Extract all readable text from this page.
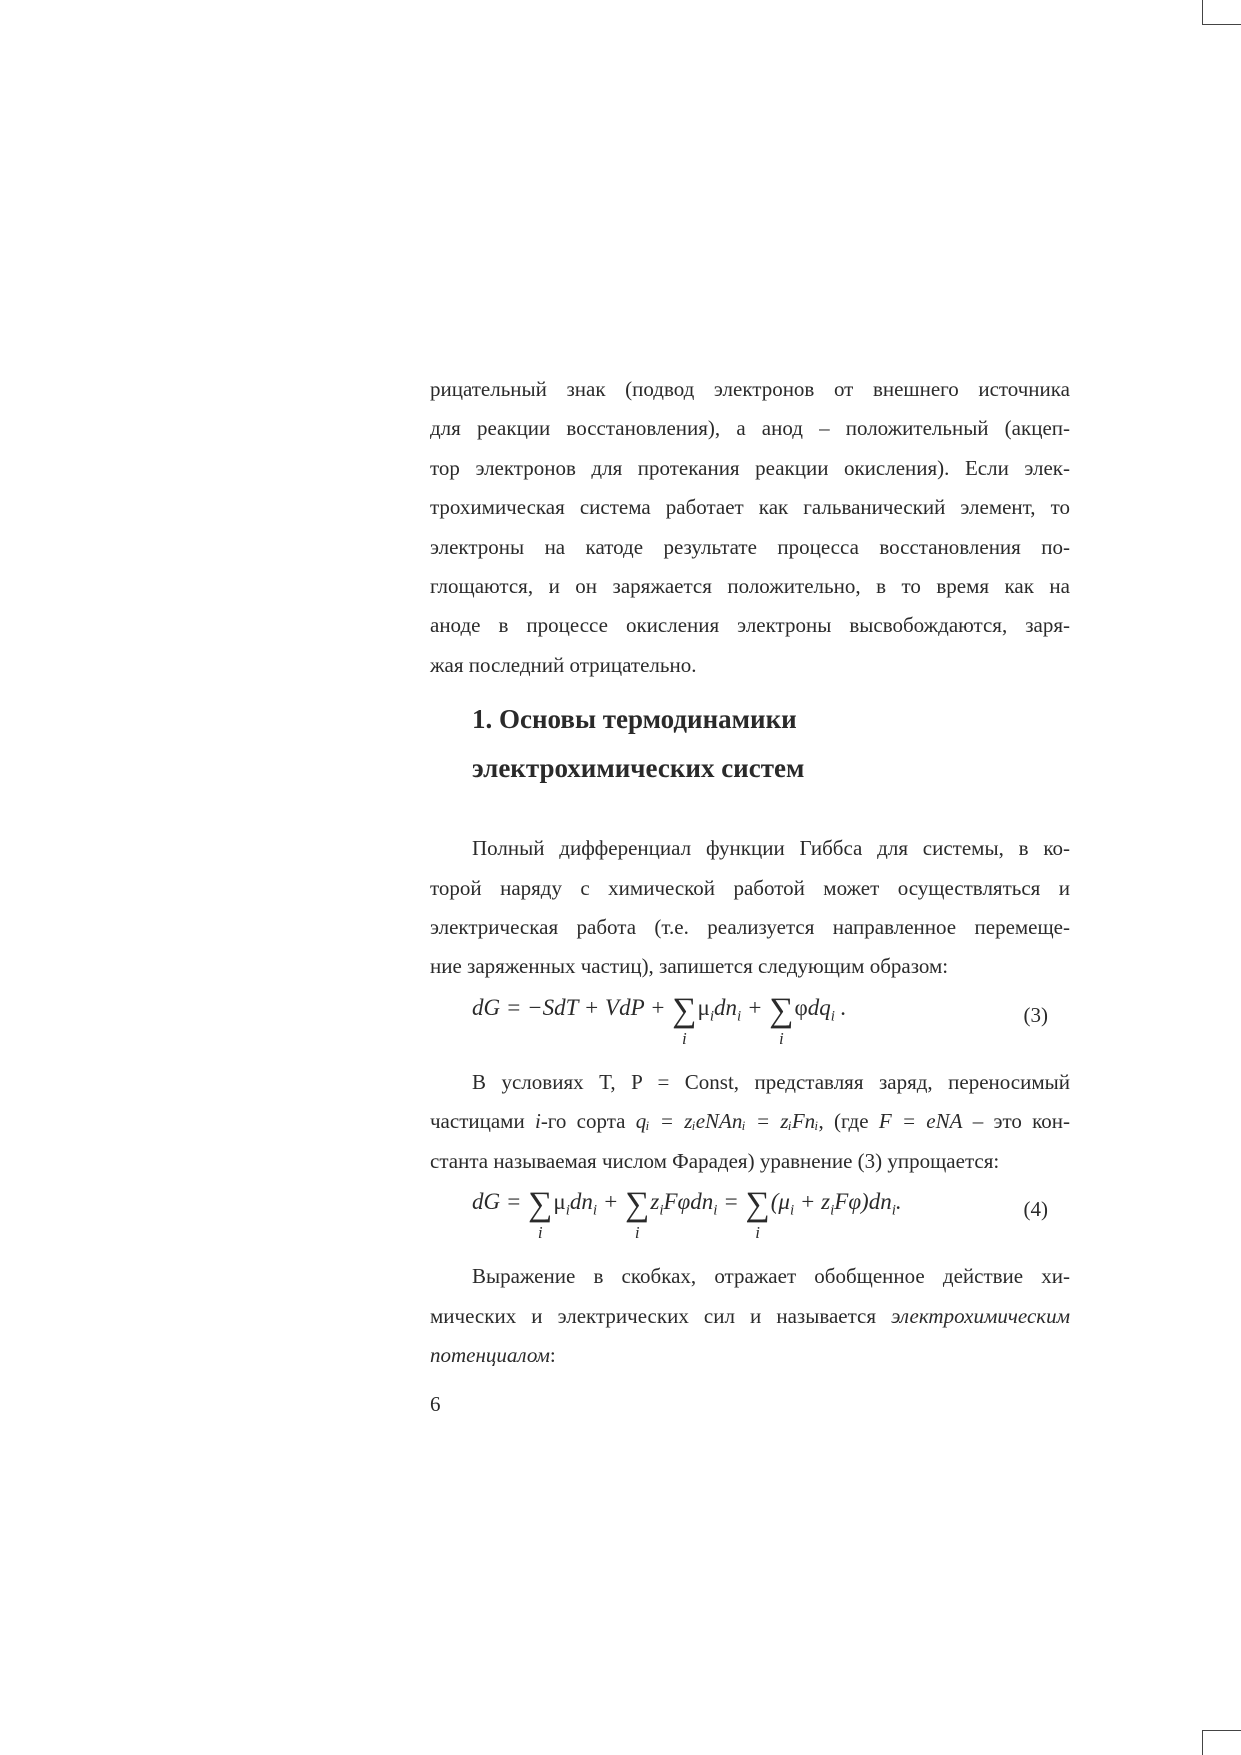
рицательный знак (подвод электронов от внешнего источника
для реакции восстановления), а анод – положительный (акцеп-
тор электронов для протекания реакции окисления). Если элек-
трохимическая система работает как гальванический элемент, то
электроны на катоде результате процесса восстановления по-
глощаются, и он заряжается положительно, в то время как на
аноде в процессе окисления электроны высвобождаются, заря-
жая последний отрицательно.

1. Основы термодинамики
электрохимических систем

Полный дифференциал функции Гиббса для системы, в ко-
торой наряду с химической работой может осуществляться и
электрическая работа (т.е. реализуется направленное перемеще-
ние заряженных частиц), запишется следующим образом:

dG = −SdT + VdP + ∑
i
$\mu_idn_i$ + ∑
i
φdq$_i$ .	(3)

В условиях T, P = Const, представляя заряд, переносимый
частицами i-го сорта qᵢ = zᵢeNAnᵢ = zᵢFnᵢ, (где F = eNA – это кон-
станта называемая числом Фарадея) уравнение (3) упрощается:

dG = ∑
i
$\mu_idn_i$ + ∑
i
$z_iF\varphi dn_i$ = ∑
i
$(\mu_i + z_iF\varphi)dn_i$.	(4)

Выражение в скобках, отражает обобщенное действие хи-
мических и электрических сил и называется электрохимическим
потенциалом:

6
